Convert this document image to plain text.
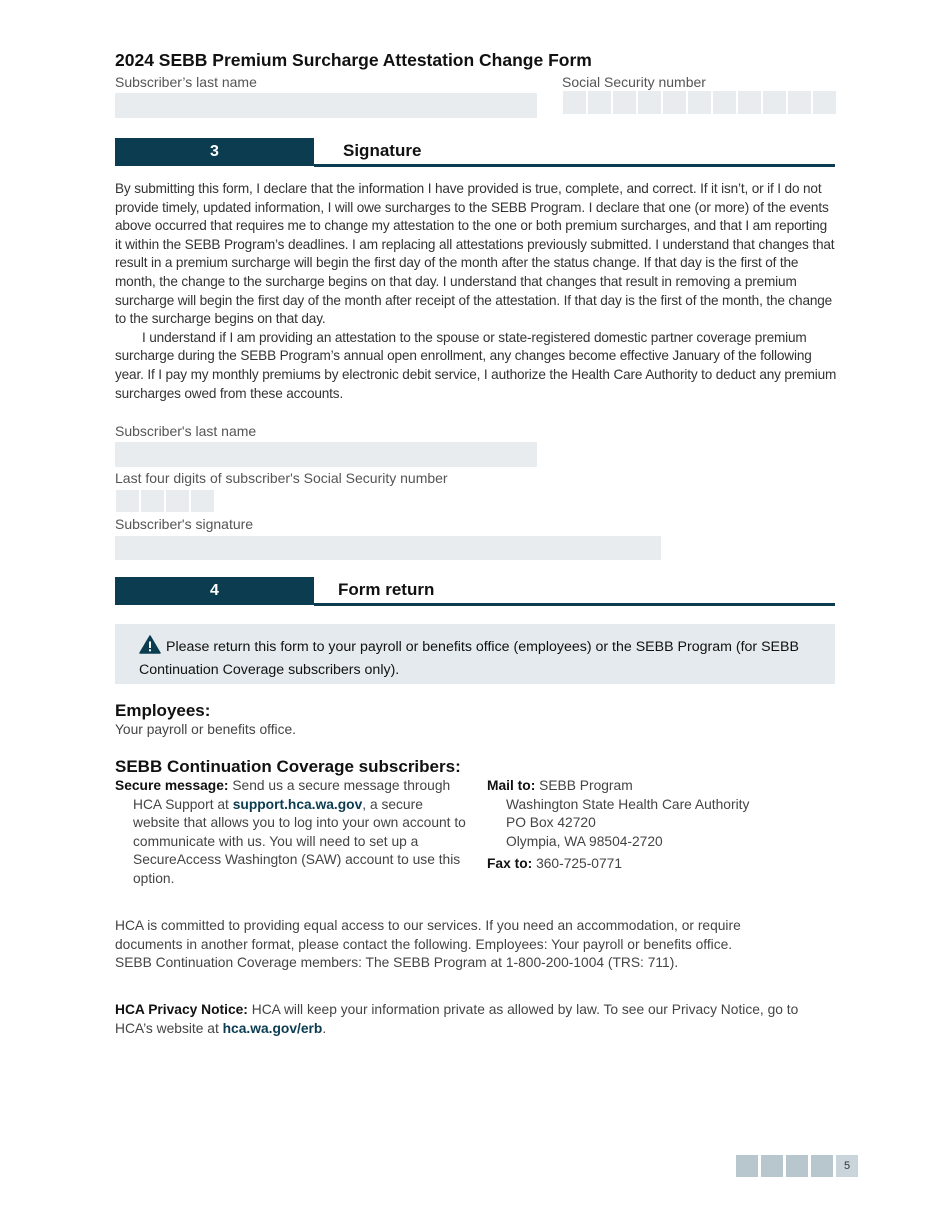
2024 SEBB Premium Surcharge Attestation Change Form
Subscriber’s last name	Social Security number
3	Signature
By submitting this form, I declare that the information I have provided is true, complete, and correct. If it isn’t, or if I do not provide timely, updated information, I will owe surcharges to the SEBB Program. I declare that one (or more) of the events above occurred that requires me to change my attestation to the one or both premium surcharges, and that I am reporting it within the SEBB Program’s deadlines. I am replacing all attestations previously submitted. I understand that changes that result in a premium surcharge will begin the first day of the month after the status change. If that day is the first of the month, the change to the surcharge begins on that day. I understand that changes that result in removing a premium surcharge will begin the first day of the month after receipt of the attestation. If that day is the first of the month, the change to the surcharge begins on that day.
I understand if I am providing an attestation to the spouse or state-registered domestic partner coverage premium surcharge during the SEBB Program’s annual open enrollment, any changes become effective January of the following year. If I pay my monthly premiums by electronic debit service, I authorize the Health Care Authority to deduct any premium surcharges owed from these accounts.
Subscriber's last name
Last four digits of subscriber's Social Security number
Subscriber's signature
4	Form return
Please return this form to your payroll or benefits office (employees) or the SEBB Program (for SEBB Continuation Coverage subscribers only).
Employees:
Your payroll or benefits office.
SEBB Continuation Coverage subscribers:
Secure message: Send us a secure message through HCA Support at support.hca.wa.gov, a secure website that allows you to log into your own account to communicate with us. You will need to set up a SecureAccess Washington (SAW) account to use this option.
Mail to: SEBB Program
Washington State Health Care Authority
PO Box 42720
Olympia, WA 98504-2720
Fax to: 360-725-0771
HCA is committed to providing equal access to our services. If you need an accommodation, or require documents in another format, please contact the following. Employees: Your payroll or benefits office. SEBB Continuation Coverage members: The SEBB Program at 1-800-200-1004 (TRS: 711).
HCA Privacy Notice: HCA will keep your information private as allowed by law. To see our Privacy Notice, go to HCA’s website at hca.wa.gov/erb.
5
